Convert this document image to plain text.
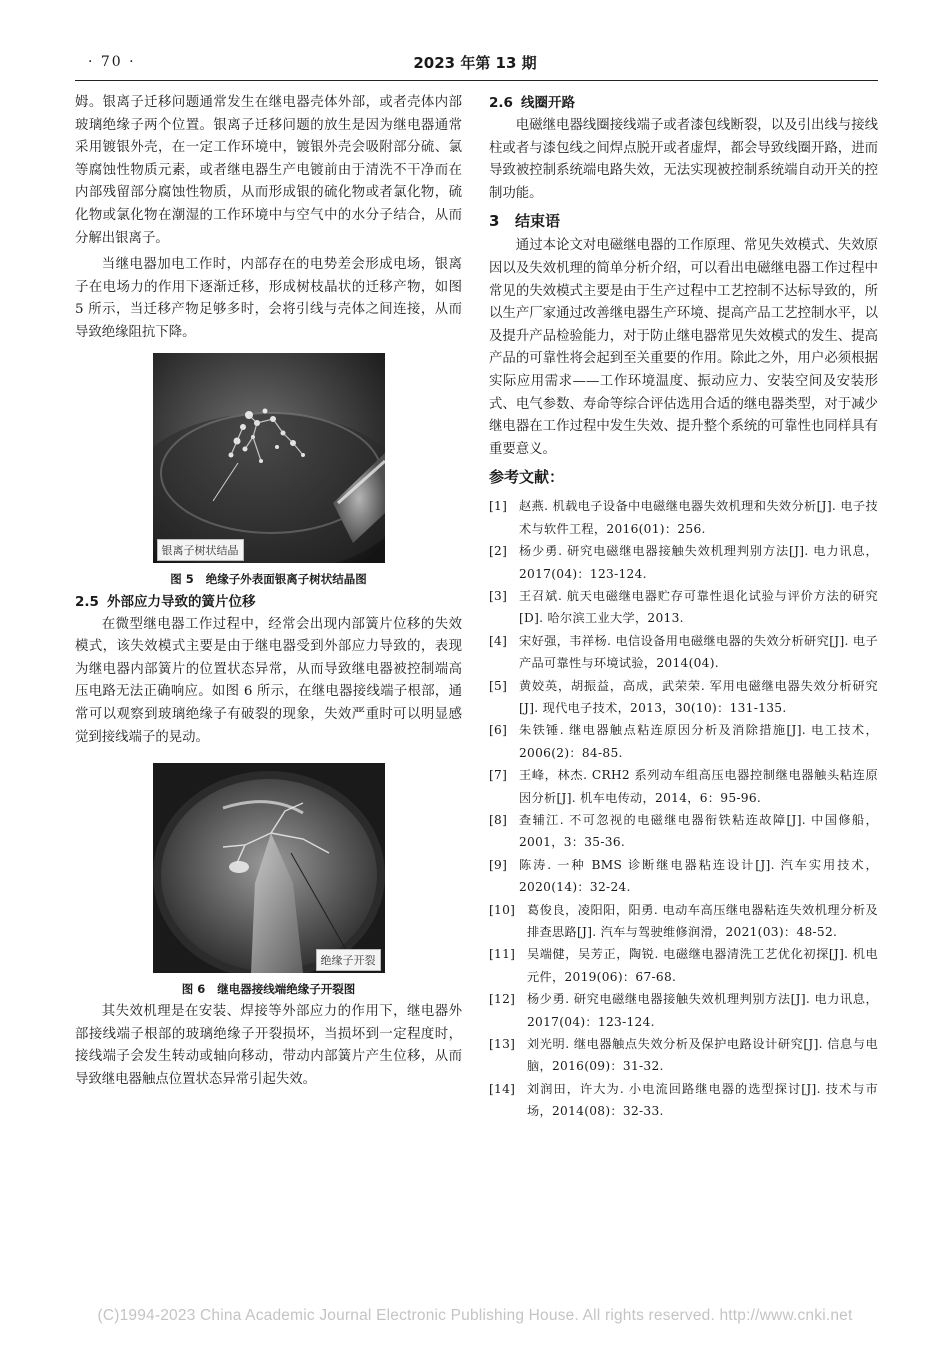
· 70 ·	2023 年第 13 期

姆。银离子迁移问题通常发生在继电器壳体外部，或者壳体内部玻璃绝缘子两个位置。银离子迁移问题的放生是因为继电器通常采用镀银外壳，在一定工作环境中，镀银外壳会吸附部分硫、氯等腐蚀性物质元素，或者继电器生产电镀前由于清洗不干净而在内部残留部分腐蚀性物质，从而形成银的硫化物或者氯化物，硫化物或氯化物在潮湿的工作环境中与空气中的水分子结合，从而分解出银离子。

当继电器加电工作时，内部存在的电势差会形成电场，银离子在电场力的作用下逐渐迁移，形成树枝晶状的迁移产物，如图 5 所示，当迁移产物足够多时，会将引线与壳体之间连接，从而导致绝缘阻抗下降。

银离子树状结晶
图 5 绝缘子外表面银离子树状结晶图
2.5 外部应力导致的簧片位移

在微型继电器工作过程中，经常会出现内部簧片位移的失效模式，该失效模式主要是由于继电器受到外部应力导致的，表现为继电器内部簧片的位置状态异常，从而导致继电器被控制端高压电路无法正确响应。如图 6 所示，在继电器接线端子根部，通常可以观察到玻璃绝缘子有破裂的现象，失效严重时可以明显感觉到接线端子的晃动。

绝缘子开裂
图 6 继电器接线端绝缘子开裂图

其失效机理是在安装、焊接等外部应力的作用下，继电器外部接线端子根部的玻璃绝缘子开裂损坏，当损坏到一定程度时，接线端子会发生转动或轴向移动，带动内部簧片产生位移，从而导致继电器触点位置状态异常引起失效。

2.6 线圈开路

电磁继电器线圈接线端子或者漆包线断裂，以及引出线与接线柱或者与漆包线之间焊点脱开或者虚焊，都会导致线圈开路，进而导致被控制系统端电路失效，无法实现被控制系统端自动开关的控制功能。

3 结束语

通过本论文对电磁继电器的工作原理、常见失效模式、失效原因以及失效机理的简单分析介绍，可以看出电磁继电器工作过程中常见的失效模式主要是由于生产过程中工艺控制不达标导致的，所以生产厂家通过改善继电器生产环境、提高产品工艺控制水平，以及提升产品检验能力，对于防止继电器常见失效模式的发生、提高产品的可靠性将会起到至关重要的作用。除此之外，用户必须根据实际应用需求——工作环境温度、振动应力、安装空间及安装形式、电气参数、寿命等综合评估选用合适的继电器类型，对于减少继电器在工作过程中发生失效、提升整个系统的可靠性也同样具有重要意义。

参考文献：
[1] 赵燕. 机载电子设备中电磁继电器失效机理和失效分析[J]. 电子技术与软件工程，2016(01)：256.
[2] 杨少勇. 研究电磁继电器接触失效机理判别方法[J]. 电力讯息，2017(04)：123-124.
[3] 王召斌. 航天电磁继电器贮存可靠性退化试验与评价方法的研究[D]. 哈尔滨工业大学，2013.
[4] 宋好强，韦祥杨. 电信设备用电磁继电器的失效分析研究[J]. 电子产品可靠性与环境试验，2014(04).
[5] 黄姣英，胡振益，高成，武荣荣. 军用电磁继电器失效分析研究[J]. 现代电子技术，2013，30(10)：131-135.
[6] 朱铁锤. 继电器触点粘连原因分析及消除措施[J]. 电工技术，2006(2)：84-85.
[7] 王峰，林杰. CRH2 系列动车组高压电器控制继电器触头粘连原因分析[J]. 机车电传动，2014，6：95-96.
[8] 查辅江. 不可忽视的电磁继电器衔铁粘连故障[J]. 中国修船，2001，3：35-36.
[9] 陈涛. 一种 BMS 诊断继电器粘连设计[J]. 汽车实用技术，2020(14)：32-24.
[10] 葛俊良，凌阳阳，阳勇. 电动车高压继电器粘连失效机理分析及排查思路[J]. 汽车与驾驶维修润滑，2021(03)：48-52.
[11] 吴端健，吴芳正，陶锐. 电磁继电器清洗工艺优化初探[J]. 机电元件，2019(06)：67-68.
[12] 杨少勇. 研究电磁继电器接触失效机理判别方法[J]. 电力讯息，2017(04)：123-124.
[13] 刘光明. 继电器触点失效分析及保护电路设计研究[J]. 信息与电脑，2016(09)：31-32.
[14] 刘润田，许大为. 小电流回路继电器的选型探讨[J]. 技术与市场，2014(08)：32-33.
(C)1994-2023 China Academic Journal Electronic Publishing House. All rights reserved. http://www.cnki.net
